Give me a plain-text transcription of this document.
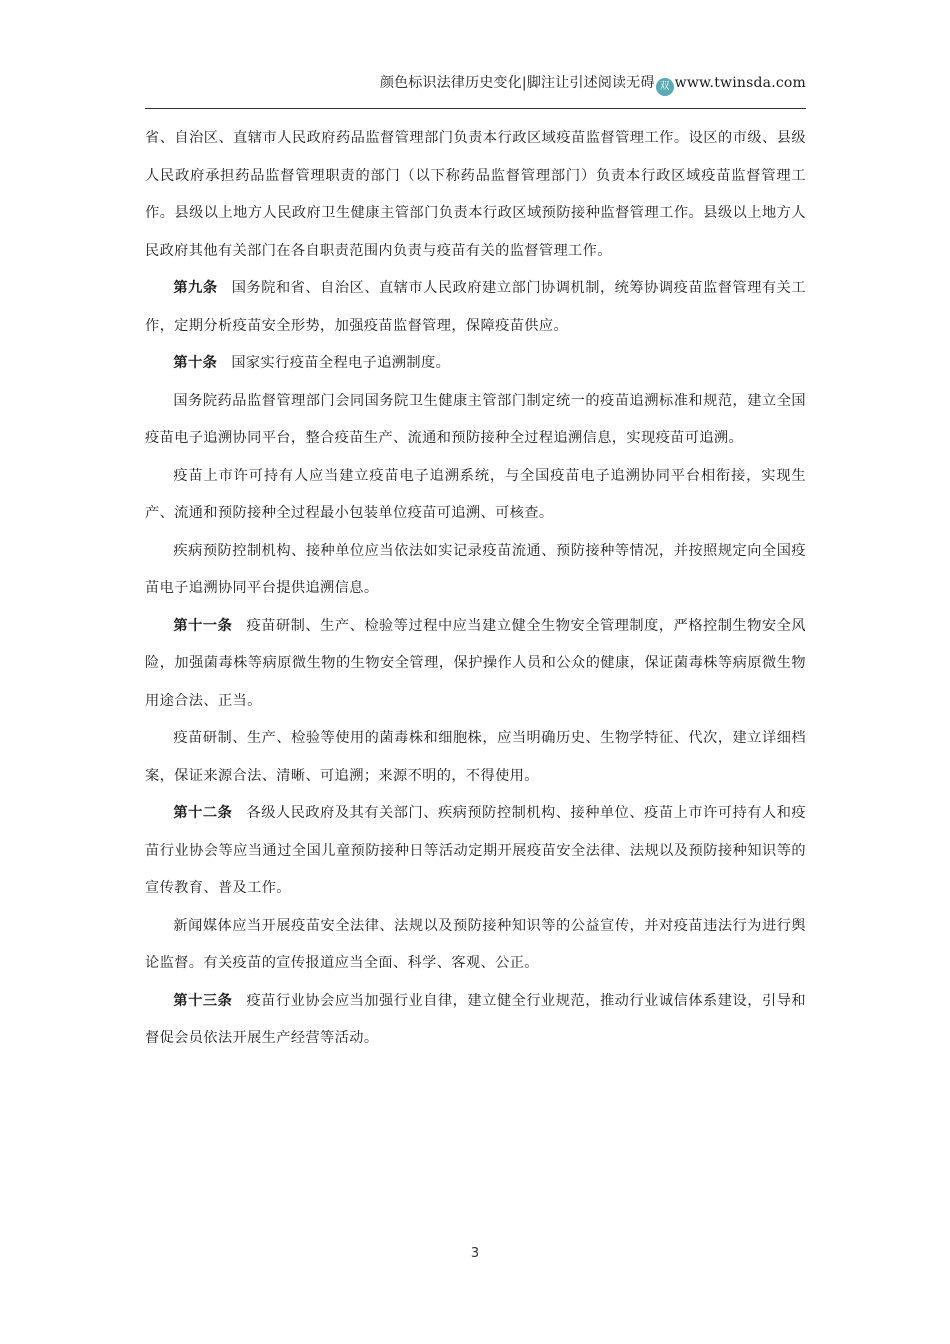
颜色标识法律历史变化|脚注让引述阅读无碍 双 www.twinsda.com

省、自治区、直辖市人民政府药品监督管理部门负责本行政区域疫苗监督管理工作。设区的市级、县级人民政府承担药品监督管理职责的部门（以下称药品监督管理部门）负责本行政区域疫苗监督管理工作。县级以上地方人民政府卫生健康主管部门负责本行政区域预防接种监督管理工作。县级以上地方人民政府其他有关部门在各自职责范围内负责与疫苗有关的监督管理工作。

第九条 国务院和省、自治区、直辖市人民政府建立部门协调机制，统筹协调疫苗监督管理有关工作，定期分析疫苗安全形势，加强疫苗监督管理，保障疫苗供应。

第十条 国家实行疫苗全程电子追溯制度。

国务院药品监督管理部门会同国务院卫生健康主管部门制定统一的疫苗追溯标准和规范，建立全国疫苗电子追溯协同平台，整合疫苗生产、流通和预防接种全过程追溯信息，实现疫苗可追溯。

疫苗上市许可持有人应当建立疫苗电子追溯系统，与全国疫苗电子追溯协同平台相衔接，实现生产、流通和预防接种全过程最小包装单位疫苗可追溯、可核查。

疾病预防控制机构、接种单位应当依法如实记录疫苗流通、预防接种等情况，并按照规定向全国疫苗电子追溯协同平台提供追溯信息。

第十一条 疫苗研制、生产、检验等过程中应当建立健全生物安全管理制度，严格控制生物安全风险，加强菌毒株等病原微生物的生物安全管理，保护操作人员和公众的健康，保证菌毒株等病原微生物用途合法、正当。

疫苗研制、生产、检验等使用的菌毒株和细胞株，应当明确历史、生物学特征、代次，建立详细档案，保证来源合法、清晰、可追溯；来源不明的，不得使用。

第十二条 各级人民政府及其有关部门、疾病预防控制机构、接种单位、疫苗上市许可持有人和疫苗行业协会等应当通过全国儿童预防接种日等活动定期开展疫苗安全法律、法规以及预防接种知识等的宣传教育、普及工作。

新闻媒体应当开展疫苗安全法律、法规以及预防接种知识等的公益宣传，并对疫苗违法行为进行舆论监督。有关疫苗的宣传报道应当全面、科学、客观、公正。

第十三条 疫苗行业协会应当加强行业自律，建立健全行业规范，推动行业诚信体系建设，引导和督促会员依法开展生产经营等活动。

3
